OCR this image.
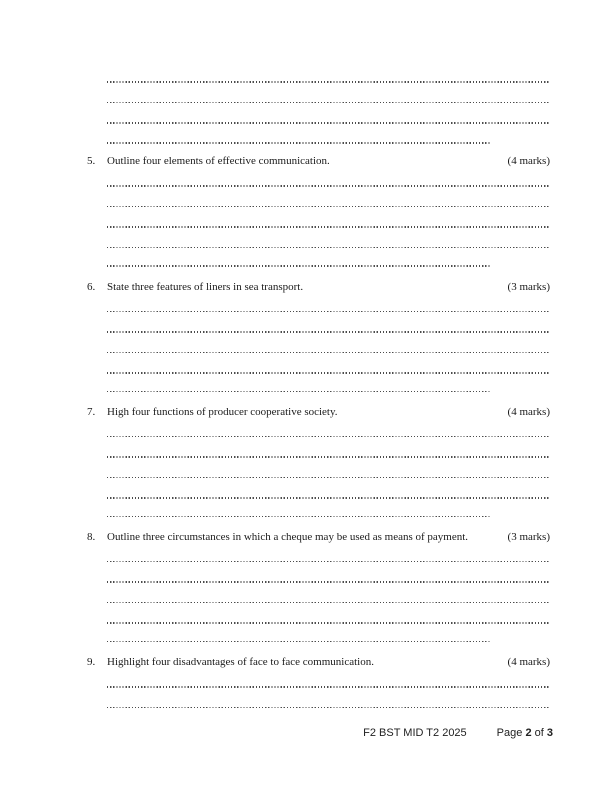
5.	Outline four elements of effective communication.	(4 marks)
6.	State three features of liners in sea transport.	(3 marks)
7.	High four functions of producer cooperative society.	(4 marks)
8.	Outline three circumstances in which a cheque may be used as means of payment.	(3 marks)
9.	Highlight four disadvantages of face to face communication.	(4 marks)
F2 BST MID T2 2025	Page 2 of 3
